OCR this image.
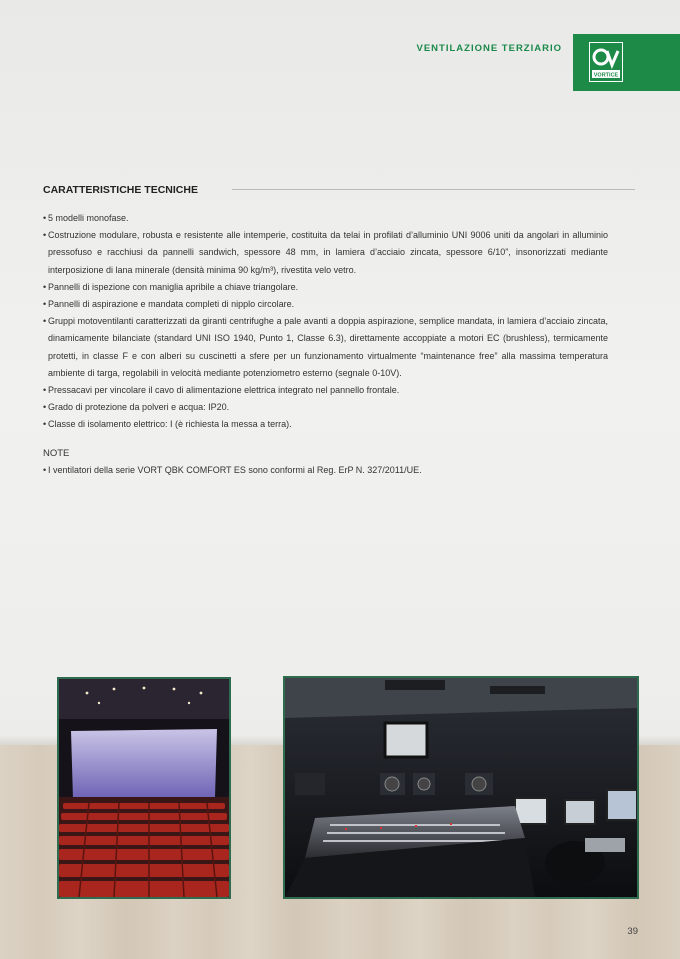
VENTILAZIONE TERZIARIO
VORTICE
CARATTERISTICHE TECNICHE
• 5 modelli monofase.
• Costruzione modulare, robusta e resistente alle intemperie, costituita da telai in profilati d’alluminio UNI 9006 uniti da angolari in alluminio pressofuso e racchiusi da pannelli sandwich, spessore 48 mm, in lamiera d’acciaio zincata, spessore 6/10”, insonorizzati mediante interposizione di lana minerale (densità minima 90 kg/m³), rivestita velo vetro.
• Pannelli di ispezione con maniglia apribile a chiave triangolare.
• Pannelli di aspirazione e mandata completi di nipplo circolare.
• Gruppi motoventilanti caratterizzati da giranti centrifughe a pale avanti a doppia aspirazione, semplice mandata, in lamiera d’acciaio zincata, dinamicamente bilanciate (standard UNI ISO 1940, Punto 1, Classe 6.3), direttamente accoppiate a motori EC (brushless), termicamente protetti, in classe F e con alberi su cuscinetti a sfere per un funzionamento virtualmente “maintenance free” alla massima temperatura ambiente di targa, regolabili in velocità mediante potenziometro esterno (segnale 0-10V).
• Pressacavi per vincolare il cavo di alimentazione elettrica integrato nel pannello frontale.
• Grado di protezione da polveri e acqua: IP20.
• Classe di isolamento elettrico: I (è richiesta la messa a terra).
NOTE
• I ventilatori della serie VORT QBK COMFORT ES sono conformi al Reg. ErP N. 327/2011/UE.
39
